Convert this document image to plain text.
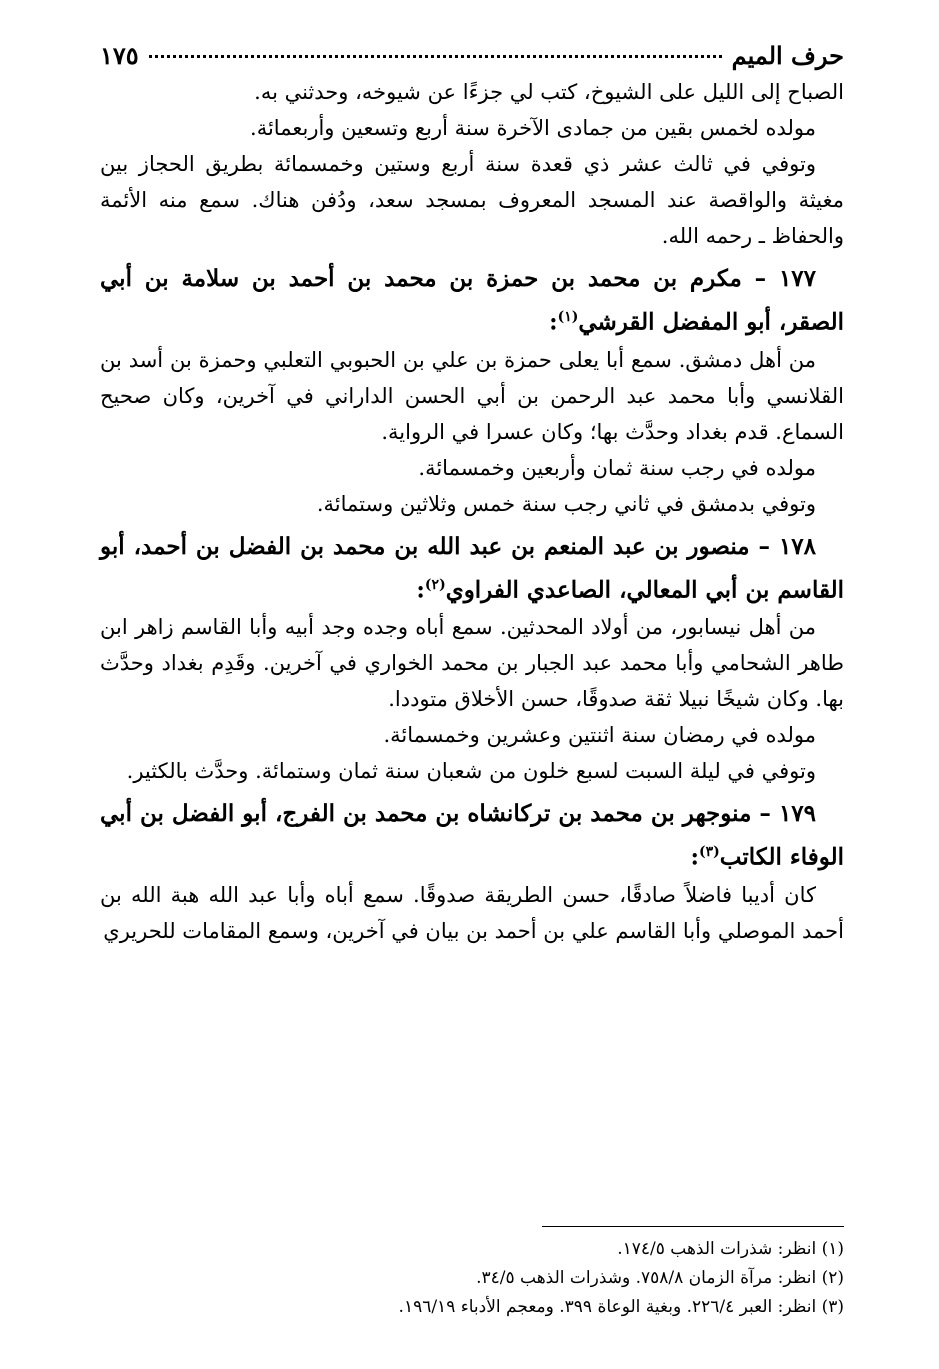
حرف الميم
١٧٥

الصباح إلى الليل على الشيوخ، كتب لي جزءًا عن شيوخه، وحدثني به.

مولده لخمس بقين من جمادى الآخرة سنة أربع وتسعين وأربعمائة.

وتوفي في ثالث عشر ذي قعدة سنة أربع وستين وخمسمائة بطريق الحجاز بين مغيثة والواقصة عند المسجد المعروف بمسجد سعد، ودُفن هناك. سمع منه الأئمة والحفاظ ـ رحمه الله.

١٧٧ – مكرم بن محمد بن حمزة بن محمد بن أحمد بن سلامة بن أبي الصقر، أبو المفضل القرشي$^{(١)}$:

من أهل دمشق. سمع أبا يعلى حمزة بن علي بن الحبوبي التعلبي وحمزة بن أسد بن القلانسي وأبا محمد عبد الرحمن بن أبي الحسن الداراني في آخرين، وكان صحيح السماع. قدم بغداد وحدَّث بها؛ وكان عسرا في الرواية.

مولده في رجب سنة ثمان وأربعين وخمسمائة.

وتوفي بدمشق في ثاني رجب سنة خمس وثلاثين وستمائة.

١٧٨ – منصور بن عبد المنعم بن عبد الله بن محمد بن الفضل بن أحمد، أبو القاسم بن أبي المعالي، الصاعدي الفراوي$^{(٢)}$:

من أهل نيسابور، من أولاد المحدثين. سمع أباه وجده وجد أبيه وأبا القاسم زاهر ابن طاهر الشحامي وأبا محمد عبد الجبار بن محمد الخواري في آخرين. وقَدِم بغداد وحدَّث بها. وكان شيخًا نبيلا ثقة صدوقًا، حسن الأخلاق متوددا.

مولده في رمضان سنة اثنتين وعشرين وخمسمائة.

وتوفي في ليلة السبت لسبع خلون من شعبان سنة ثمان وستمائة. وحدَّث بالكثير.

١٧٩ – منوجهر بن محمد بن تركانشاه بن محمد بن الفرج، أبو الفضل بن أبي الوفاء الكاتب$^{(٣)}$:

كان أديبا فاضلاً صادقًا، حسن الطريقة صدوقًا. سمع أباه وأبا عبد الله هبة الله بن أحمد الموصلي وأبا القاسم علي بن أحمد بن بيان في آخرين، وسمع المقامات للحريري

(١) انظر: شذرات الذهب ١٧٤/٥.
(٢) انظر: مرآة الزمان ٧٥٨/٨. وشذرات الذهب ٣٤/٥.
(٣) انظر: العبر ٢٢٦/٤. وبغية الوعاة ٣٩٩. ومعجم الأدباء ١٩٦/١٩.
